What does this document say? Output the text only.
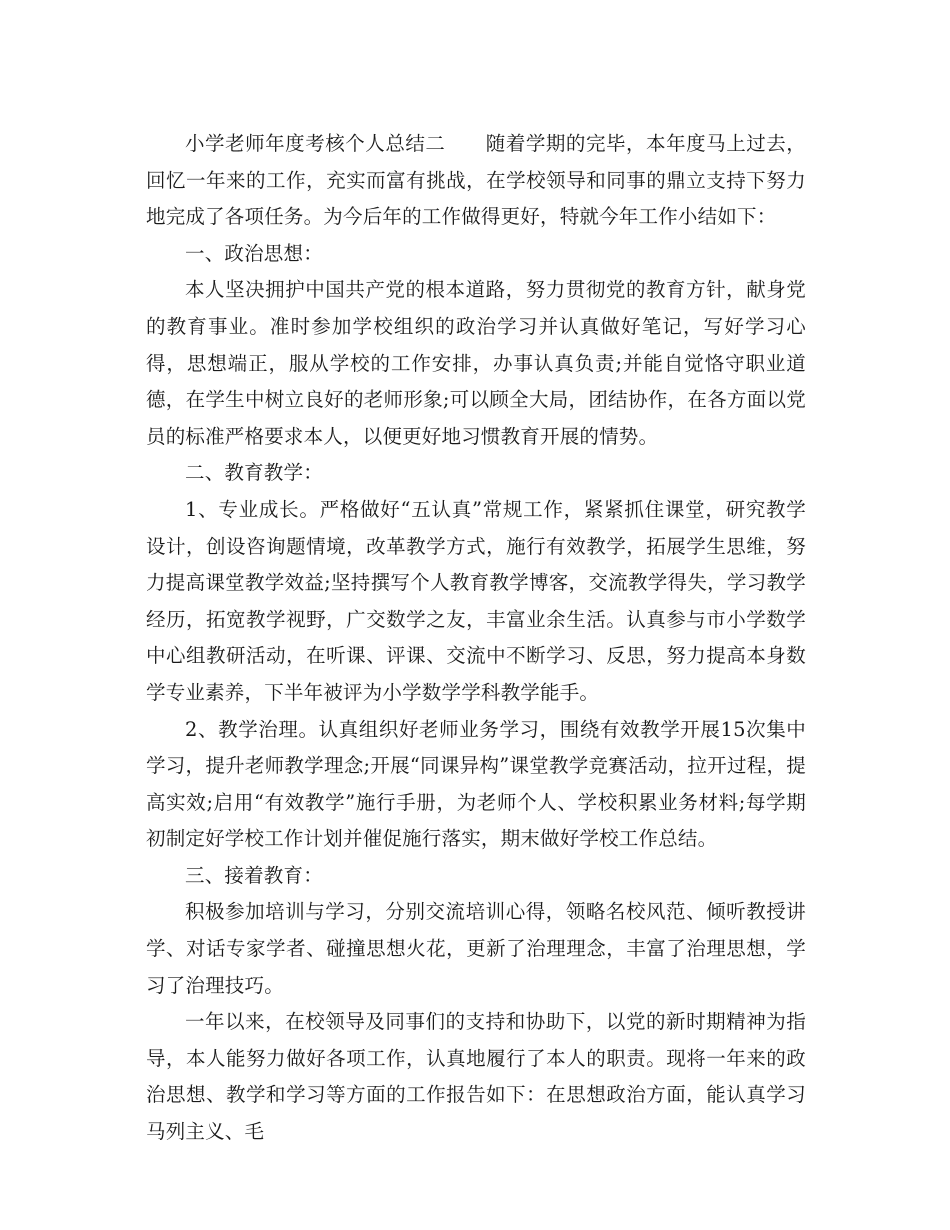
小学老师年度考核个人总结二 随着学期的完毕，本年度马上过去，回忆一年来的工作，充实而富有挑战，在学校领导和同事的鼎立支持下努力地完成了各项任务。为今后年的工作做得更好，特就今年工作小结如下：

一、政治思想：

本人坚决拥护中国共产党的根本道路，努力贯彻党的教育方针，献身党的教育事业。准时参加学校组织的政治学习并认真做好笔记，写好学习心得，思想端正，服从学校的工作安排，办事认真负责;并能自觉恪守职业道德，在学生中树立良好的老师形象;可以顾全大局，团结协作，在各方面以党员的标准严格要求本人，以便更好地习惯教育开展的情势。

二、教育教学：

1、专业成长。严格做好“五认真”常规工作，紧紧抓住课堂，研究教学设计，创设咨询题情境，改革教学方式，施行有效教学，拓展学生思维，努力提高课堂教学效益;坚持撰写个人教育教学博客，交流教学得失，学习教学经历，拓宽教学视野，广交数学之友，丰富业余生活。认真参与市小学数学中心组教研活动，在听课、评课、交流中不断学习、反思，努力提高本身数学专业素养，下半年被评为小学数学学科教学能手。

2、教学治理。认真组织好老师业务学习，围绕有效教学开展15次集中学习，提升老师教学理念;开展“同课异构”课堂教学竞赛活动，拉开过程，提高实效;启用“有效教学”施行手册，为老师个人、学校积累业务材料;每学期初制定好学校工作计划并催促施行落实，期末做好学校工作总结。

三、接着教育：

积极参加培训与学习，分别交流培训心得，领略名校风范、倾听教授讲学、对话专家学者、碰撞思想火花，更新了治理理念，丰富了治理思想，学习了治理技巧。

一年以来，在校领导及同事们的支持和协助下，以党的新时期精神为指导，本人能努力做好各项工作，认真地履行了本人的职责。现将一年来的政治思想、教学和学习等方面的工作报告如下：在思想政治方面，能认真学习马列主义、毛
